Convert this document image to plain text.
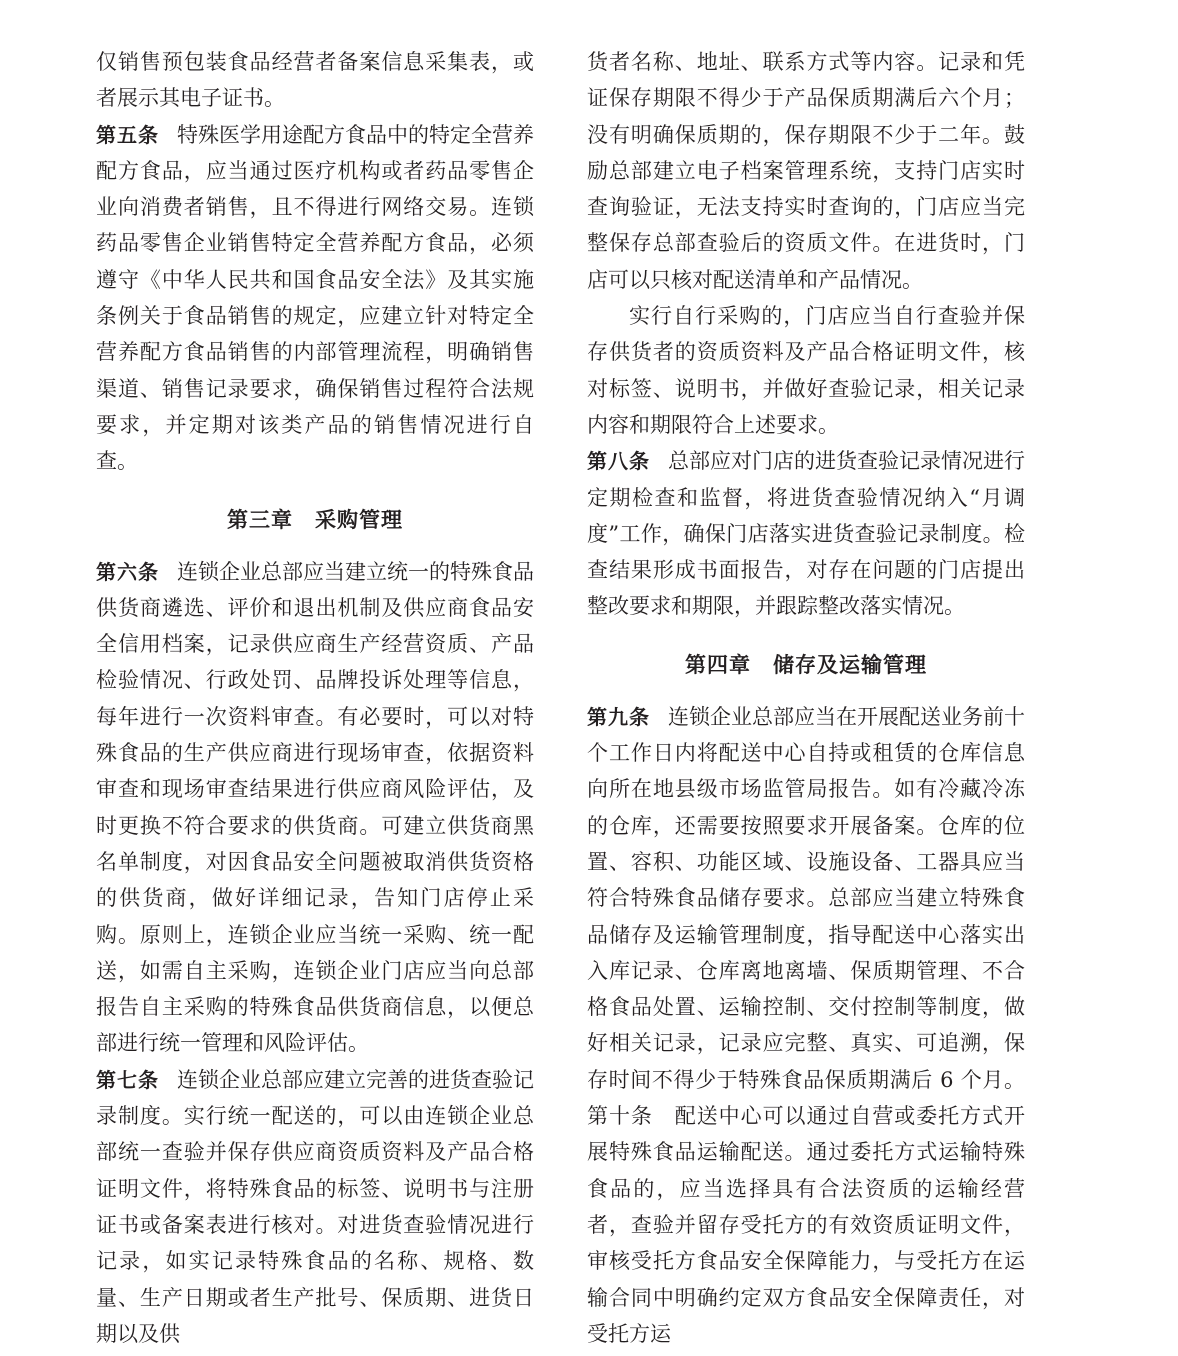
仅销售预包装食品经营者备案信息采集表，或者展示其电子证书。

第五条 特殊医学用途配方食品中的特定全营养配方食品，应当通过医疗机构或者药品零售企业向消费者销售，且不得进行网络交易。连锁药品零售企业销售特定全营养配方食品，必须遵守《中华人民共和国食品安全法》及其实施条例关于食品销售的规定，应建立针对特定全营养配方食品销售的内部管理流程，明确销售渠道、销售记录要求，确保销售过程符合法规要求，并定期对该类产品的销售情况进行自查。

第三章　采购管理

第六条 连锁企业总部应当建立统一的特殊食品供货商遴选、评价和退出机制及供应商食品安全信用档案，记录供应商生产经营资质、产品检验情况、行政处罚、品牌投诉处理等信息，每年进行一次资料审查。有必要时，可以对特殊食品的生产供应商进行现场审查，依据资料审查和现场审查结果进行供应商风险评估，及时更换不符合要求的供货商。可建立供货商黑名单制度，对因食品安全问题被取消供货资格的供货商，做好详细记录，告知门店停止采购。原则上，连锁企业应当统一采购、统一配送，如需自主采购，连锁企业门店应当向总部报告自主采购的特殊食品供货商信息，以便总部进行统一管理和风险评估。

第七条 连锁企业总部应建立完善的进货查验记录制度。实行统一配送的，可以由连锁企业总部统一查验并保存供应商资质资料及产品合格证明文件，将特殊食品的标签、说明书与注册证书或备案表进行核对。对进货查验情况进行记录，如实记录特殊食品的名称、规格、数量、生产日期或者生产批号、保质期、进货日期以及供

货者名称、地址、联系方式等内容。记录和凭证保存期限不得少于产品保质期满后六个月；没有明确保质期的，保存期限不少于二年。鼓励总部建立电子档案管理系统，支持门店实时查询验证，无法支持实时查询的，门店应当完整保存总部查验后的资质文件。在进货时，门店可以只核对配送清单和产品情况。

实行自行采购的，门店应当自行查验并保存供货者的资质资料及产品合格证明文件，核对标签、说明书，并做好查验记录，相关记录内容和期限符合上述要求。

第八条 总部应对门店的进货查验记录情况进行定期检查和监督，将进货查验情况纳入“月调度”工作，确保门店落实进货查验记录制度。检查结果形成书面报告，对存在问题的门店提出整改要求和期限，并跟踪整改落实情况。

第四章　储存及运输管理

第九条 连锁企业总部应当在开展配送业务前十个工作日内将配送中心自持或租赁的仓库信息向所在地县级市场监管局报告。如有冷藏冷冻的仓库，还需要按照要求开展备案。仓库的位置、容积、功能区域、设施设备、工器具应当符合特殊食品储存要求。总部应当建立特殊食品储存及运输管理制度，指导配送中心落实出入库记录、仓库离地离墙、保质期管理、不合格食品处置、运输控制、交付控制等制度，做好相关记录，记录应完整、真实、可追溯，保存时间不得少于特殊食品保质期满后 6 个月。第十条　配送中心可以通过自营或委托方式开展特殊食品运输配送。通过委托方式运输特殊食品的，应当选择具有合法资质的运输经营者，查验并留存受托方的有效资质证明文件，审核受托方食品安全保障能力，与受托方在运输合同中明确约定双方食品安全保障责任，对受托方运
